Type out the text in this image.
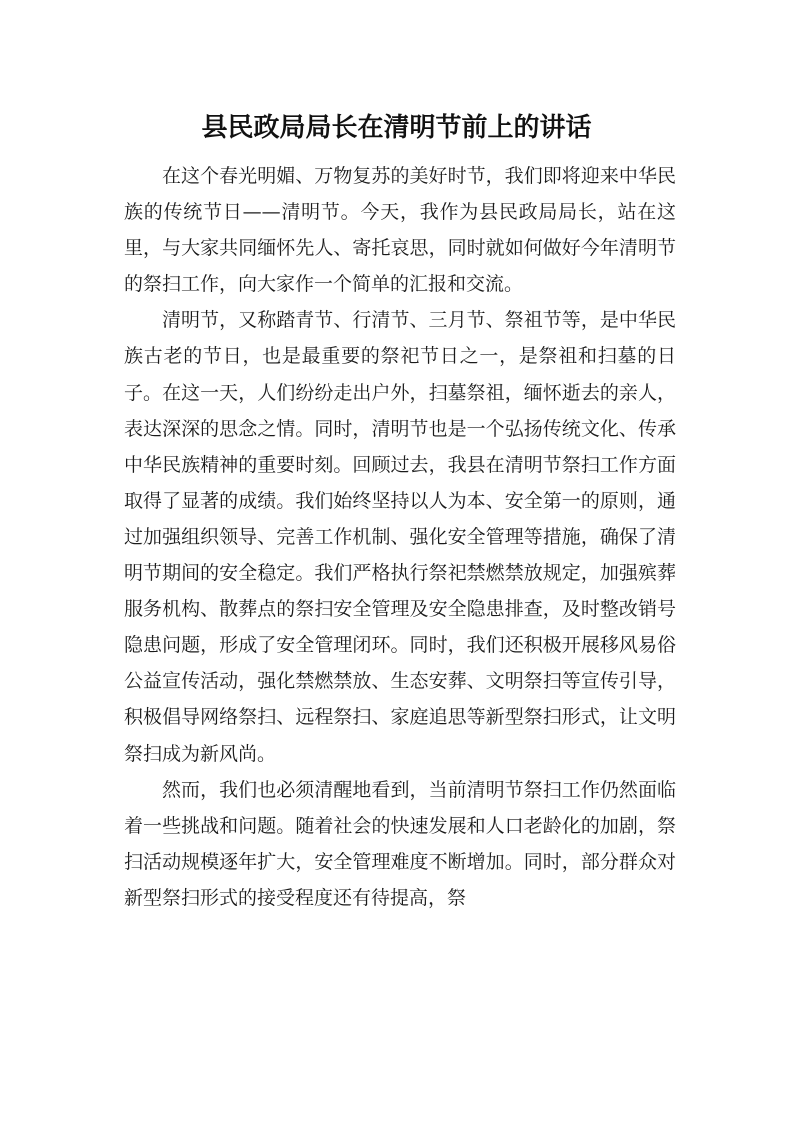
县民政局局长在清明节前上的讲话

在这个春光明媚、万物复苏的美好时节，我们即将迎来中华民族的传统节日——清明节。今天，我作为县民政局局长，站在这里，与大家共同缅怀先人、寄托哀思，同时就如何做好今年清明节的祭扫工作，向大家作一个简单的汇报和交流。

清明节，又称踏青节、行清节、三月节、祭祖节等，是中华民族古老的节日，也是最重要的祭祀节日之一，是祭祖和扫墓的日子。在这一天，人们纷纷走出户外，扫墓祭祖，缅怀逝去的亲人，表达深深的思念之情。同时，清明节也是一个弘扬传统文化、传承中华民族精神的重要时刻。回顾过去，我县在清明节祭扫工作方面取得了显著的成绩。我们始终坚持以人为本、安全第一的原则，通过加强组织领导、完善工作机制、强化安全管理等措施，确保了清明节期间的安全稳定。我们严格执行祭祀禁燃禁放规定，加强殡葬服务机构、散葬点的祭扫安全管理及安全隐患排查，及时整改销号隐患问题，形成了安全管理闭环。同时，我们还积极开展移风易俗公益宣传活动，强化禁燃禁放、生态安葬、文明祭扫等宣传引导，积极倡导网络祭扫、远程祭扫、家庭追思等新型祭扫形式，让文明祭扫成为新风尚。

然而，我们也必须清醒地看到，当前清明节祭扫工作仍然面临着一些挑战和问题。随着社会的快速发展和人口老龄化的加剧，祭扫活动规模逐年扩大，安全管理难度不断增加。同时，部分群众对新型祭扫形式的接受程度还有待提高，祭
